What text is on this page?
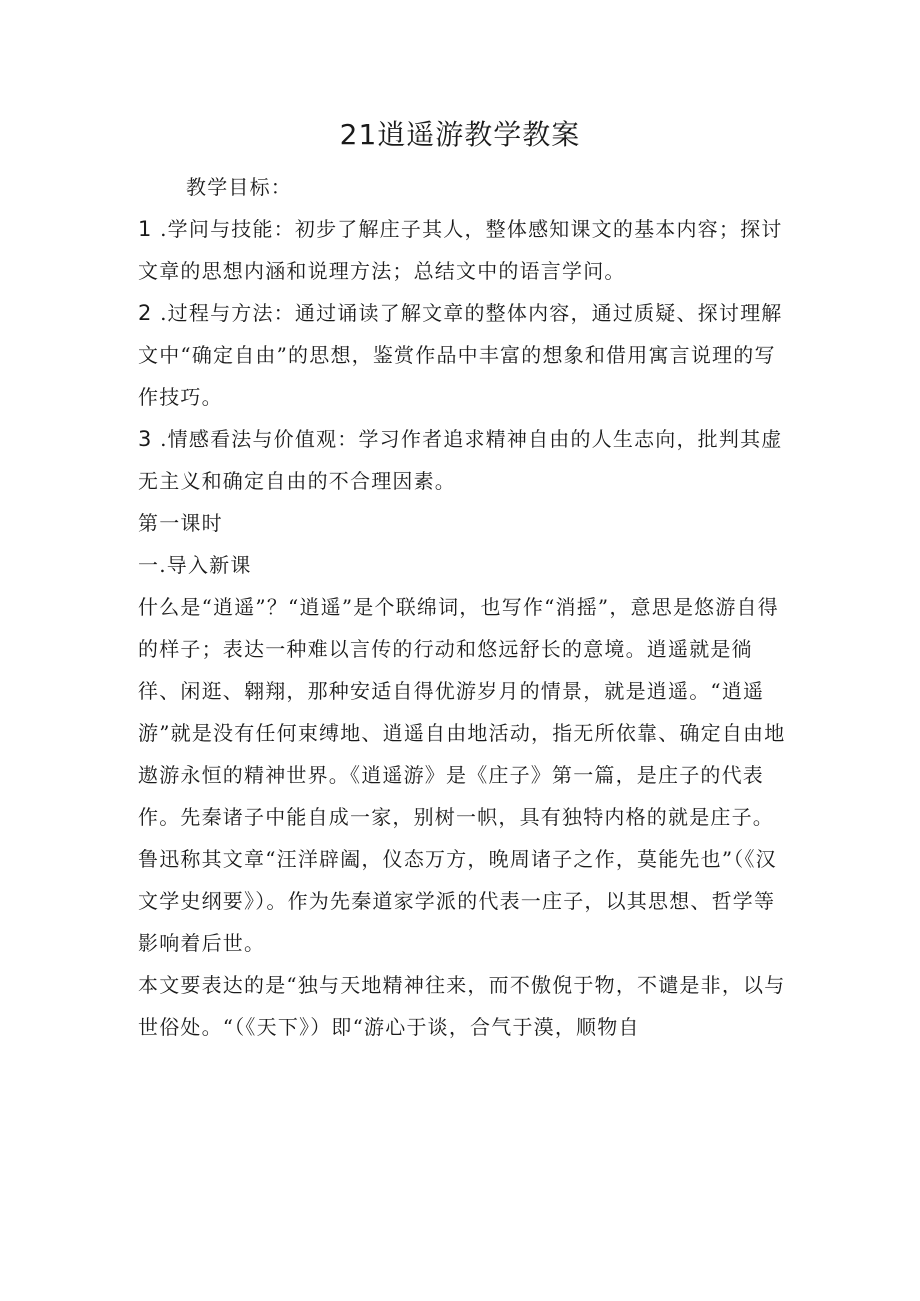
21逍遥游教学教案

教学目标：

1 .学问与技能：初步了解庄子其人，整体感知课文的基本内容；探讨文章的思想内涵和说理方法；总结文中的语言学问。

2 .过程与方法：通过诵读了解文章的整体内容，通过质疑、探讨理解文中“确定自由”的思想，鉴赏作品中丰富的想象和借用寓言说理的写作技巧。

3 .情感看法与价值观：学习作者追求精神自由的人生志向，批判其虚无主义和确定自由的不合理因素。

第一课时

一.导入新课

什么是“逍遥”？“逍遥”是个联绵词，也写作“消摇”，意思是悠游自得的样子；表达一种难以言传的行动和悠远舒长的意境。逍遥就是徜徉、闲逛、翱翔，那种安适自得优游岁月的情景，就是逍遥。“逍遥游”就是没有任何束缚地、逍遥自由地活动，指无所依靠、确定自由地遨游永恒的精神世界。《逍遥游》是《庄子》第一篇，是庄子的代表作。先秦诸子中能自成一家，别树一帜，具有独特内格的就是庄子。鲁迅称其文章“汪洋辟阖，仪态万方，晚周诸子之作，莫能先也”（《汉文学史纲要》）。作为先秦道家学派的代表一庄子，以其思想、哲学等影响着后世。

本文要表达的是“独与天地精神往来，而不傲倪于物，不谴是非，以与世俗处。“（《天下》）即“游心于谈，合气于漠，顺物自
